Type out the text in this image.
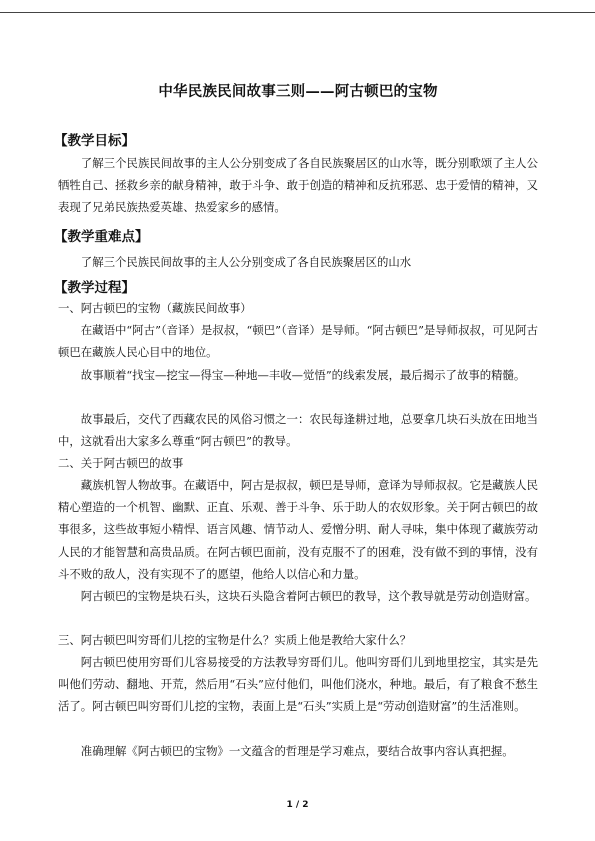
中华民族民间故事三则——阿古顿巴的宝物
【教学目标】
了解三个民族民间故事的主人公分别变成了各自民族聚居区的山水等，既分别歌颂了主人公牺牲自己、拯救乡亲的献身精神，敢于斗争、敢于创造的精神和反抗邪恶、忠于爱情的精神，又表现了兄弟民族热爱英雄、热爱家乡的感情。
【教学重难点】
了解三个民族民间故事的主人公分别变成了各自民族聚居区的山水
【教学过程】
一、阿古顿巴的宝物（藏族民间故事）
在藏语中“阿古”（音译）是叔叔，“顿巴”（音译）是导师。“阿古顿巴”是导师叔叔，可见阿古顿巴在藏族人民心目中的地位。
故事顺着“找宝—挖宝—得宝—种地—丰收—觉悟”的线索发展，最后揭示了故事的精髓。
故事最后，交代了西藏农民的风俗习惯之一：农民每逢耕过地，总要拿几块石头放在田地当中，这就看出大家多么尊重“阿古顿巴”的教导。
二、关于阿古顿巴的故事
藏族机智人物故事。在藏语中，阿古是叔叔，顿巴是导师，意译为导师叔叔。它是藏族人民精心塑造的一个机智、幽默、正直、乐观、善于斗争、乐于助人的农奴形象。关于阿古顿巴的故事很多，这些故事短小精悍、语言风趣、情节动人、爱憎分明、耐人寻味，集中体现了藏族劳动人民的才能智慧和高贵品质。在阿古顿巴面前，没有克服不了的困难，没有做不到的事情，没有斗不败的敌人，没有实现不了的愿望，他给人以信心和力量。
阿古顿巴的宝物是块石头，这块石头隐含着阿古顿巴的教导，这个教导就是劳动创造财富。
三、阿古顿巴叫穷哥们儿挖的宝物是什么？实质上他是教给大家什么？
阿古顿巴使用穷哥们儿容易接受的方法教导穷哥们儿。他叫穷哥们儿到地里挖宝，其实是先叫他们劳动、翻地、开荒，然后用“石头”应付他们，叫他们浇水，种地。最后，有了粮食不愁生活了。阿古顿巴叫穷哥们儿挖的宝物，表面上是“石头”实质上是“劳动创造财富”的生活准则。
准确理解《阿古顿巴的宝物》一文蕴含的哲理是学习难点，要结合故事内容认真把握。
1 / 2
